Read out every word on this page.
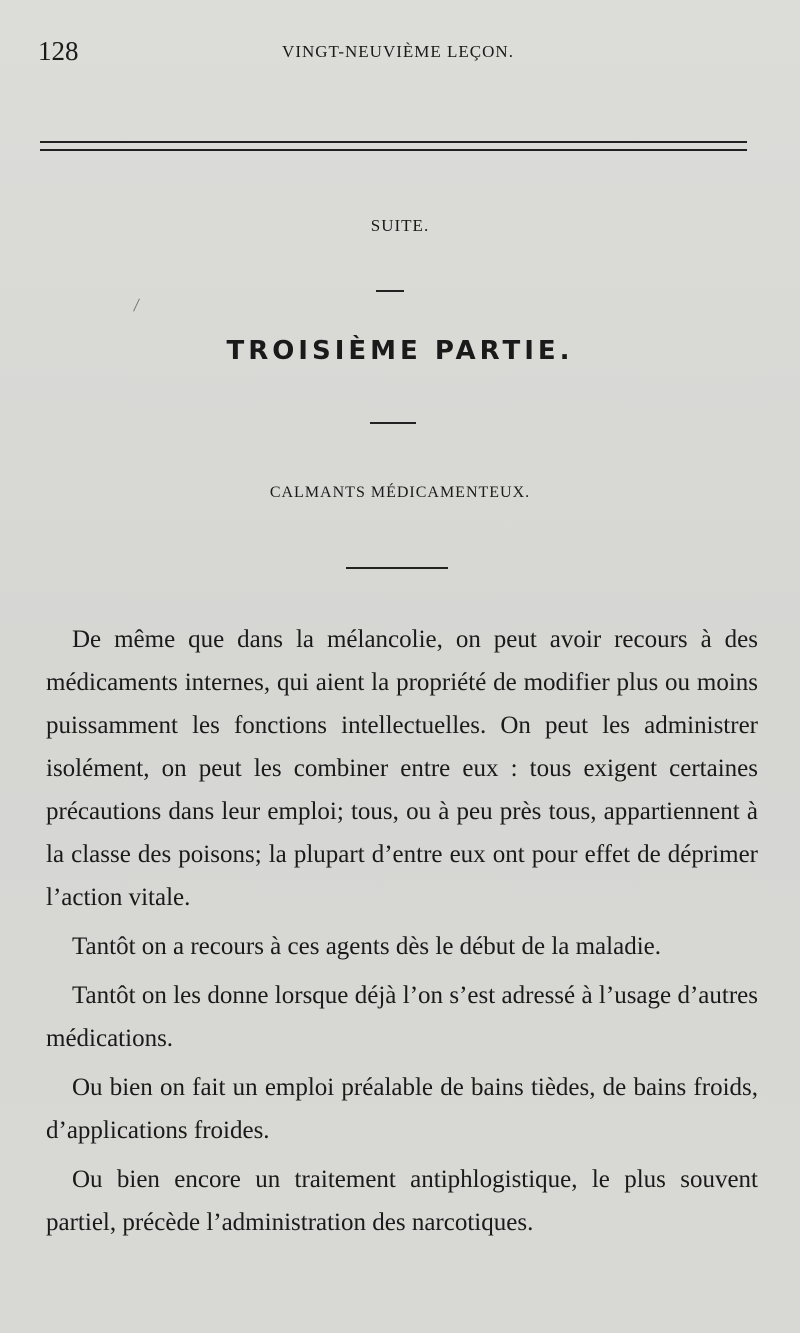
128	VINGT-NEUVIÈME LEÇON.
SUITE.
TROISIÈME PARTIE.
CALMANTS MÉDICAMENTEUX.

De même que dans la mélancolie, on peut avoir recours à des médicaments internes, qui aient la propriété de modifier plus ou moins puissamment les fonctions intellectuelles. On peut les administrer isolément, on peut les combiner entre eux : tous exigent certaines précautions dans leur emploi; tous, ou à peu près tous, appartiennent à la classe des poisons; la plupart d’entre eux ont pour effet de déprimer l’action vitale.

Tantôt on a recours à ces agents dès le début de la maladie.

Tantôt on les donne lorsque déjà l’on s’est adressé à l’usage d’autres médications.

Ou bien on fait un emploi préalable de bains tièdes, de bains froids, d’applications froides.

Ou bien encore un traitement antiphlogistique, le plus souvent partiel, précède l’administration des narcotiques.
